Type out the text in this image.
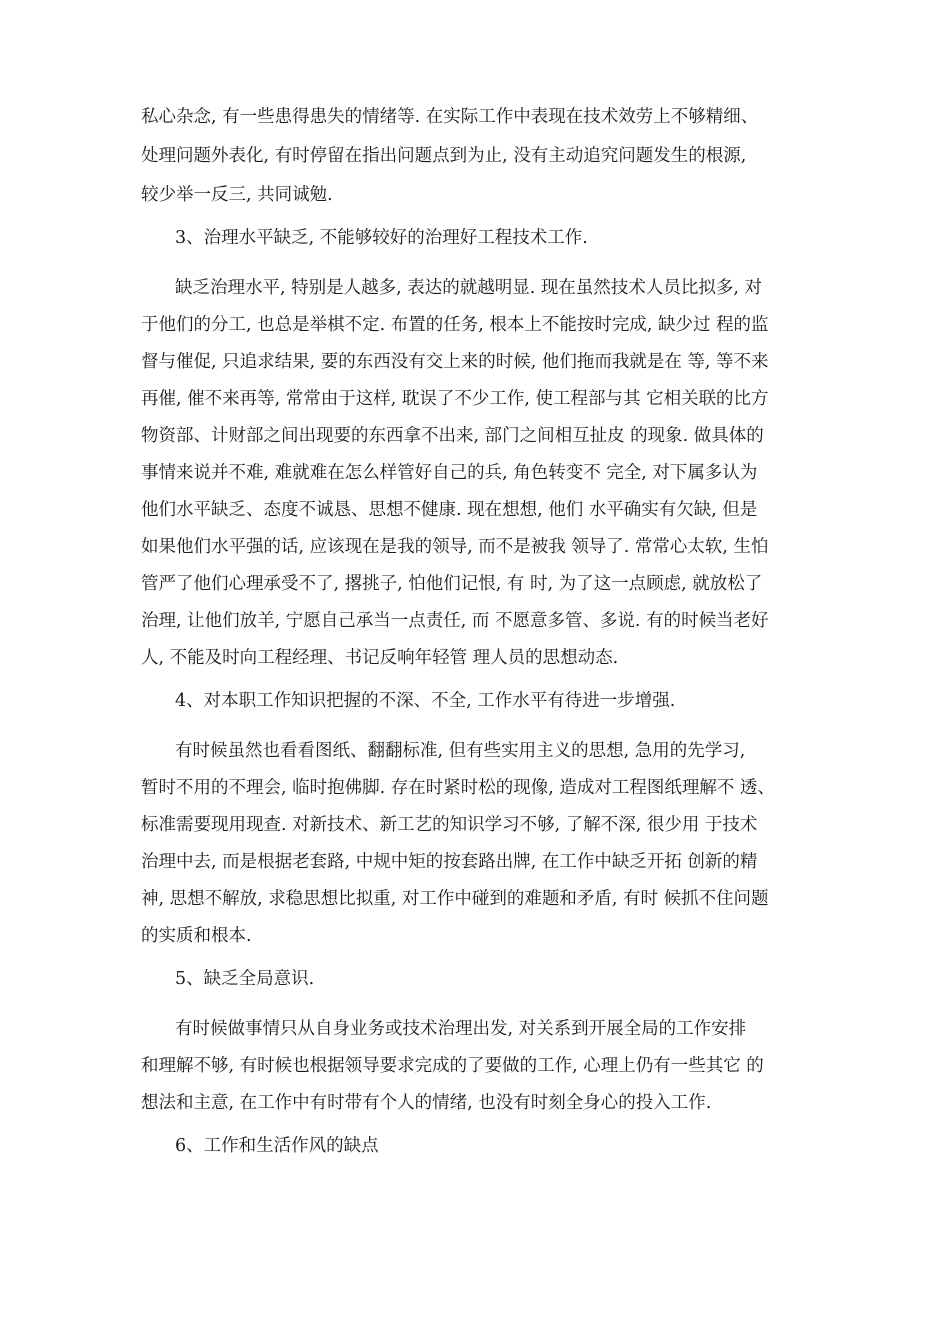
私心杂念, 有一些患得患失的情绪等. 在实际工作中表现在技术效劳上不够精细、
处理问题外表化, 有时停留在指出问题点到为止, 没有主动追究问题发生的根源,
较少举一反三, 共同诚勉.
3、治理水平缺乏, 不能够较好的治理好工程技术工作.
缺乏治理水平, 特别是人越多, 表达的就越明显. 现在虽然技术人员比拟多, 对
于他们的分工, 也总是举棋不定. 布置的任务, 根本上不能按时完成, 缺少过 程的监
督与催促, 只追求结果, 要的东西没有交上来的时候, 他们拖而我就是在 等, 等不来
再催, 催不来再等, 常常由于这样, 耽误了不少工作, 使工程部与其 它相关联的比方
物资部、计财部之间出现要的东西拿不出来, 部门之间相互扯皮 的现象. 做具体的
事情来说并不难, 难就难在怎么样管好自己的兵, 角色转变不 完全, 对下属多认为
他们水平缺乏、态度不诚恳、思想不健康. 现在想想, 他们 水平确实有欠缺, 但是
如果他们水平强的话, 应该现在是我的领导, 而不是被我 领导了. 常常心太软, 生怕
管严了他们心理承受不了, 撂挑子, 怕他们记恨, 有 时, 为了这一点顾虑, 就放松了
治理, 让他们放羊, 宁愿自己承当一点责任, 而 不愿意多管、多说. 有的时候当老好
人, 不能及时向工程经理、书记反响年轻管 理人员的思想动态.
4、对本职工作知识把握的不深、不全, 工作水平有待进一步增强.
有时候虽然也看看图纸、翻翻标准, 但有些实用主义的思想, 急用的先学习,
暂时不用的不理会, 临时抱佛脚. 存在时紧时松的现像, 造成对工程图纸理解不 透、
标准需要现用现查. 对新技术、新工艺的知识学习不够, 了解不深, 很少用 于技术
治理中去, 而是根据老套路, 中规中矩的按套路出牌, 在工作中缺乏开拓 创新的精
神, 思想不解放, 求稳思想比拟重, 对工作中碰到的难题和矛盾, 有时 候抓不住问题
的实质和根本.
5、缺乏全局意识.
有时候做事情只从自身业务或技术治理出发, 对关系到开展全局的工作安排
和理解不够, 有时候也根据领导要求完成的了要做的工作, 心理上仍有一些其它 的
想法和主意, 在工作中有时带有个人的情绪, 也没有时刻全身心的投入工作.
6、工作和生活作风的缺点
